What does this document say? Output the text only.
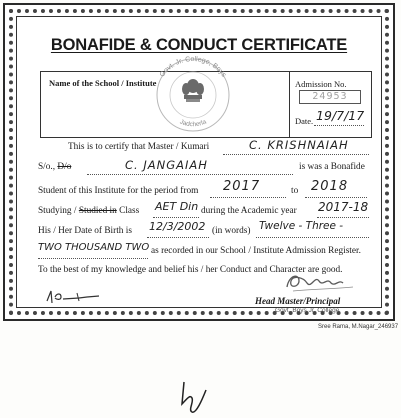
BONAFIDE & CONDUCT CERTIFICATE
Name of the School / Institute	Admission No.
24953
Date. 19/7/17
Govt. Jr. College, Boys
Jadcherla
This is to certify that Master / Kumari	C. KRISHNAIAH
S/o., D/o	C. JANGAIAH	is was a Bonafide
Student of this Institute for the period from 2017	to 2018
Studying / Studied in Class AET Din during the Academic year 2017-18
His / Her Date of Birth is 12/3/2002 (in words) Twelve - Three -
TWO THOUSAND TWO as recorded in our School / Institute Admission Register.
To the best of my knowledge and belief his / her Conduct and Character are good.
Head Master/Principal
Govt. Boys Jr. College
Sree Rama, M.Nagar_246937
